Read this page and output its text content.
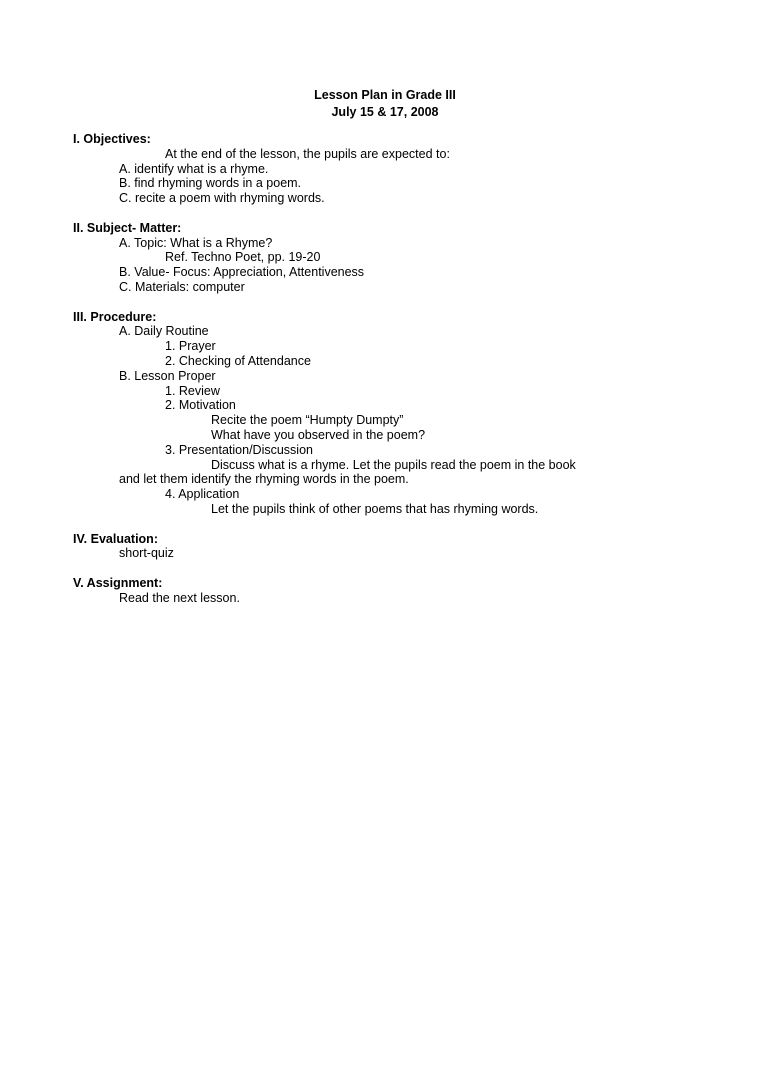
Lesson Plan in Grade III
July 15 & 17, 2008
I. Objectives:
At the end of the lesson, the pupils are expected to:
A. identify what is a rhyme.
B. find rhyming words in a poem.
C. recite a poem with rhyming words.
II. Subject- Matter:
A. Topic: What is a Rhyme?
Ref. Techno Poet, pp. 19-20
B. Value- Focus: Appreciation, Attentiveness
C. Materials: computer
III. Procedure:
A. Daily Routine
1. Prayer
2. Checking of Attendance
B. Lesson Proper
1. Review
2. Motivation
Recite the poem “Humpty Dumpty”
What have you observed in the poem?
3. Presentation/Discussion
Discuss what is a rhyme. Let the pupils read the poem in the book
and let them identify the rhyming words in the poem.
4. Application
Let the pupils think of other poems that has rhyming words.
IV. Evaluation:
short-quiz
V. Assignment:
Read the next lesson.
